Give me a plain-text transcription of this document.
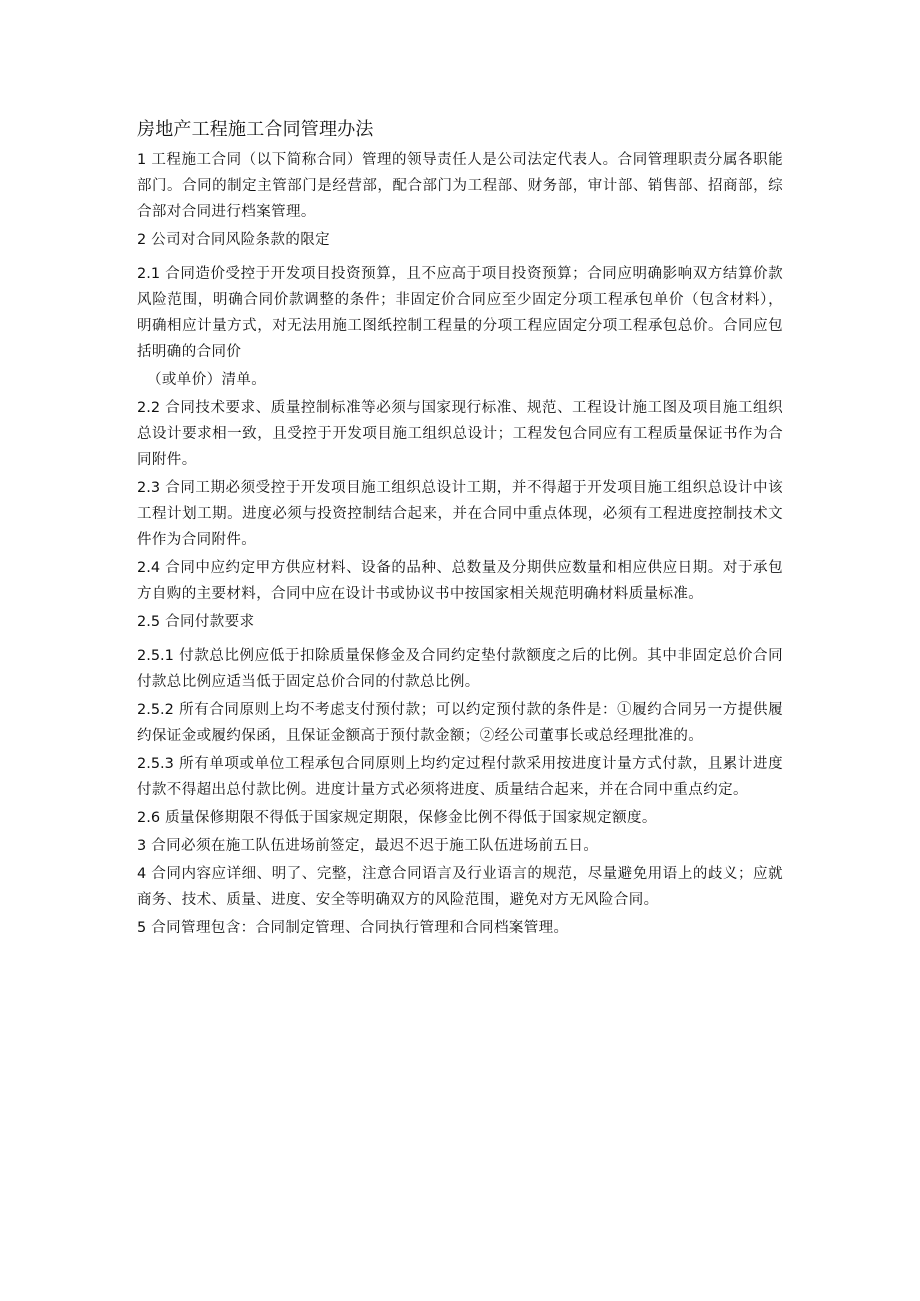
房地产工程施工合同管理办法

1 工程施工合同（以下简称合同）管理的领导责任人是公司法定代表人。合同管理职责分属各职能部门。合同的制定主管部门是经营部，配合部门为工程部、财务部，审计部、销售部、招商部，综合部对合同进行档案管理。

2 公司对合同风险条款的限定

2.1 合同造价受控于开发项目投资预算，且不应高于项目投资预算；合同应明确影响双方结算价款风险范围，明确合同价款调整的条件；非固定价合同应至少固定分项工程承包单价（包含材料），明确相应计量方式，对无法用施工图纸控制工程量的分项工程应固定分项工程承包总价。合同应包括明确的合同价

（或单价）清单。

2.2 合同技术要求、质量控制标准等必须与国家现行标准、规范、工程设计施工图及项目施工组织总设计要求相一致，且受控于开发项目施工组织总设计；工程发包合同应有工程质量保证书作为合同附件。

2.3 合同工期必须受控于开发项目施工组织总设计工期，并不得超于开发项目施工组织总设计中该工程计划工期。进度必须与投资控制结合起来，并在合同中重点体现，必须有工程进度控制技术文件作为合同附件。

2.4 合同中应约定甲方供应材料、设备的品种、总数量及分期供应数量和相应供应日期。对于承包方自购的主要材料，合同中应在设计书或协议书中按国家相关规范明确材料质量标准。

2.5 合同付款要求

2.5.1 付款总比例应低于扣除质量保修金及合同约定垫付款额度之后的比例。其中非固定总价合同付款总比例应适当低于固定总价合同的付款总比例。

2.5.2 所有合同原则上均不考虑支付预付款；可以约定预付款的条件是：①履约合同另一方提供履约保证金或履约保函，且保证金额高于预付款金额；②经公司董事长或总经理批准的。

2.5.3 所有单项或单位工程承包合同原则上均约定过程付款采用按进度计量方式付款，且累计进度付款不得超出总付款比例。进度计量方式必须将进度、质量结合起来，并在合同中重点约定。

2.6 质量保修期限不得低于国家规定期限，保修金比例不得低于国家规定额度。

3 合同必须在施工队伍进场前签定，最迟不迟于施工队伍进场前五日。

4 合同内容应详细、明了、完整，注意合同语言及行业语言的规范，尽量避免用语上的歧义；应就商务、技术、质量、进度、安全等明确双方的风险范围，避免对方无风险合同。

5 合同管理包含：合同制定管理、合同执行管理和合同档案管理。
